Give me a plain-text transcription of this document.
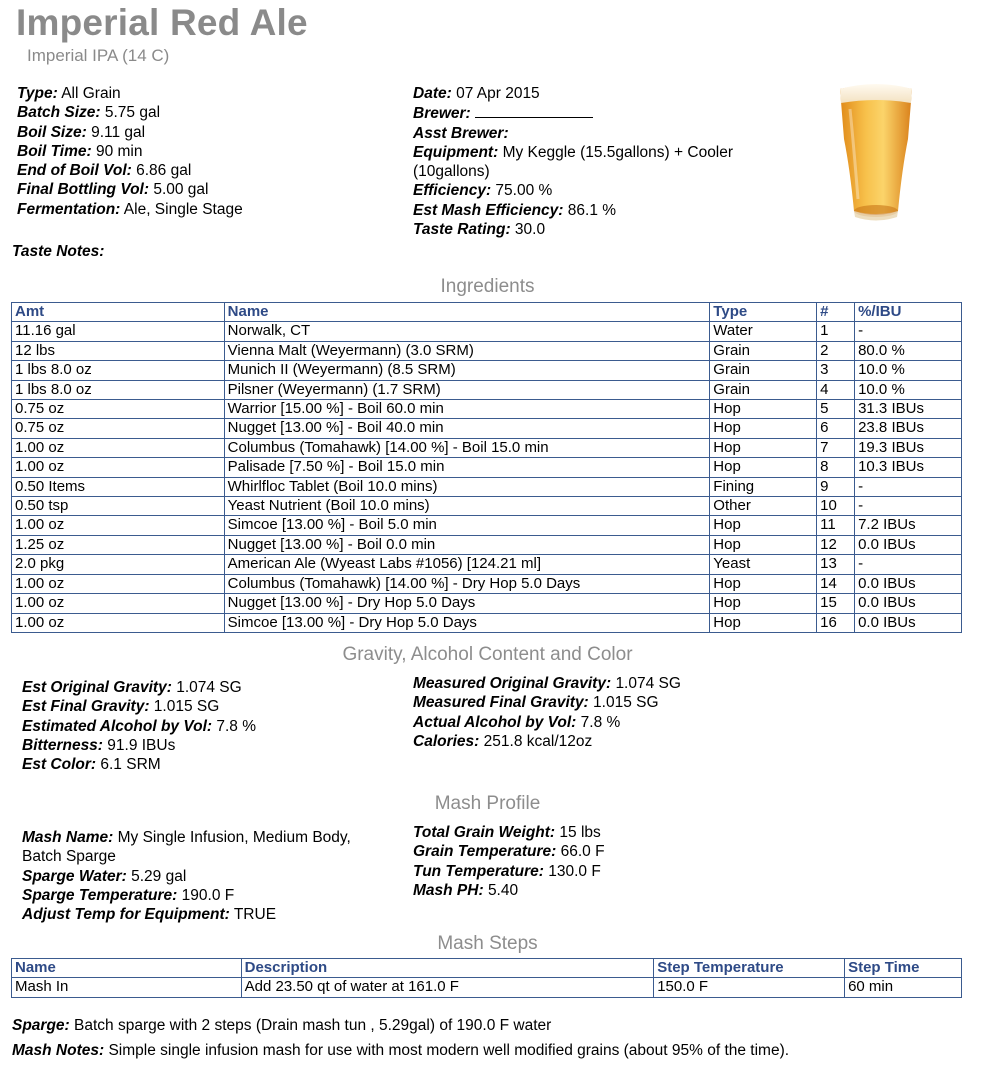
Imperial Red Ale
Imperial IPA (14 C)
Type: All Grain
Batch Size: 5.75 gal
Boil Size: 9.11 gal
Boil Time: 90 min
End of Boil Vol: 6.86 gal
Final Bottling Vol: 5.00 gal
Fermentation: Ale, Single Stage
Date: 07 Apr 2015
Brewer:
Asst Brewer:
Equipment: My Keggle (15.5gallons) + Cooler
(10gallons)
Efficiency: 75.00 %
Est Mash Efficiency: 86.1 %
Taste Rating: 30.0
Taste Notes:
Ingredients
Amt	Name	Type	#	%/IBU
11.16 gal	Norwalk, CT	Water	1	-
12 lbs	Vienna Malt (Weyermann) (3.0 SRM)	Grain	2	80.0 %
1 lbs 8.0 oz	Munich II (Weyermann) (8.5 SRM)	Grain	3	10.0 %
1 lbs 8.0 oz	Pilsner (Weyermann) (1.7 SRM)	Grain	4	10.0 %
0.75 oz	Warrior [15.00 %] - Boil 60.0 min	Hop	5	31.3 IBUs
0.75 oz	Nugget [13.00 %] - Boil 40.0 min	Hop	6	23.8 IBUs
1.00 oz	Columbus (Tomahawk) [14.00 %] - Boil 15.0 min	Hop	7	19.3 IBUs
1.00 oz	Palisade [7.50 %] - Boil 15.0 min	Hop	8	10.3 IBUs
0.50 Items	Whirlfloc Tablet (Boil 10.0 mins)	Fining	9	-
0.50 tsp	Yeast Nutrient (Boil 10.0 mins)	Other	10	-
1.00 oz	Simcoe [13.00 %] - Boil 5.0 min	Hop	11	7.2 IBUs
1.25 oz	Nugget [13.00 %] - Boil 0.0 min	Hop	12	0.0 IBUs
2.0 pkg	American Ale (Wyeast Labs #1056) [124.21 ml]	Yeast	13	-
1.00 oz	Columbus (Tomahawk) [14.00 %] - Dry Hop 5.0 Days	Hop	14	0.0 IBUs
1.00 oz	Nugget [13.00 %] - Dry Hop 5.0 Days	Hop	15	0.0 IBUs
1.00 oz	Simcoe [13.00 %] - Dry Hop 5.0 Days	Hop	16	0.0 IBUs
Gravity, Alcohol Content and Color
Est Original Gravity: 1.074 SG
Est Final Gravity: 1.015 SG
Estimated Alcohol by Vol: 7.8 %
Bitterness: 91.9 IBUs
Est Color: 6.1 SRM
Measured Original Gravity: 1.074 SG
Measured Final Gravity: 1.015 SG
Actual Alcohol by Vol: 7.8 %
Calories: 251.8 kcal/12oz
Mash Profile
Mash Name: My Single Infusion, Medium Body,
Batch Sparge
Sparge Water: 5.29 gal
Sparge Temperature: 190.0 F
Adjust Temp for Equipment: TRUE
Total Grain Weight: 15 lbs
Grain Temperature: 66.0 F
Tun Temperature: 130.0 F
Mash PH: 5.40
Mash Steps
Name	Description	Step Temperature	Step Time
Mash In	Add 23.50 qt of water at 161.0 F	150.0 F	60 min
Sparge: Batch sparge with 2 steps (Drain mash tun , 5.29gal) of 190.0 F water
Mash Notes: Simple single infusion mash for use with most modern well modified grains (about 95% of the time).
